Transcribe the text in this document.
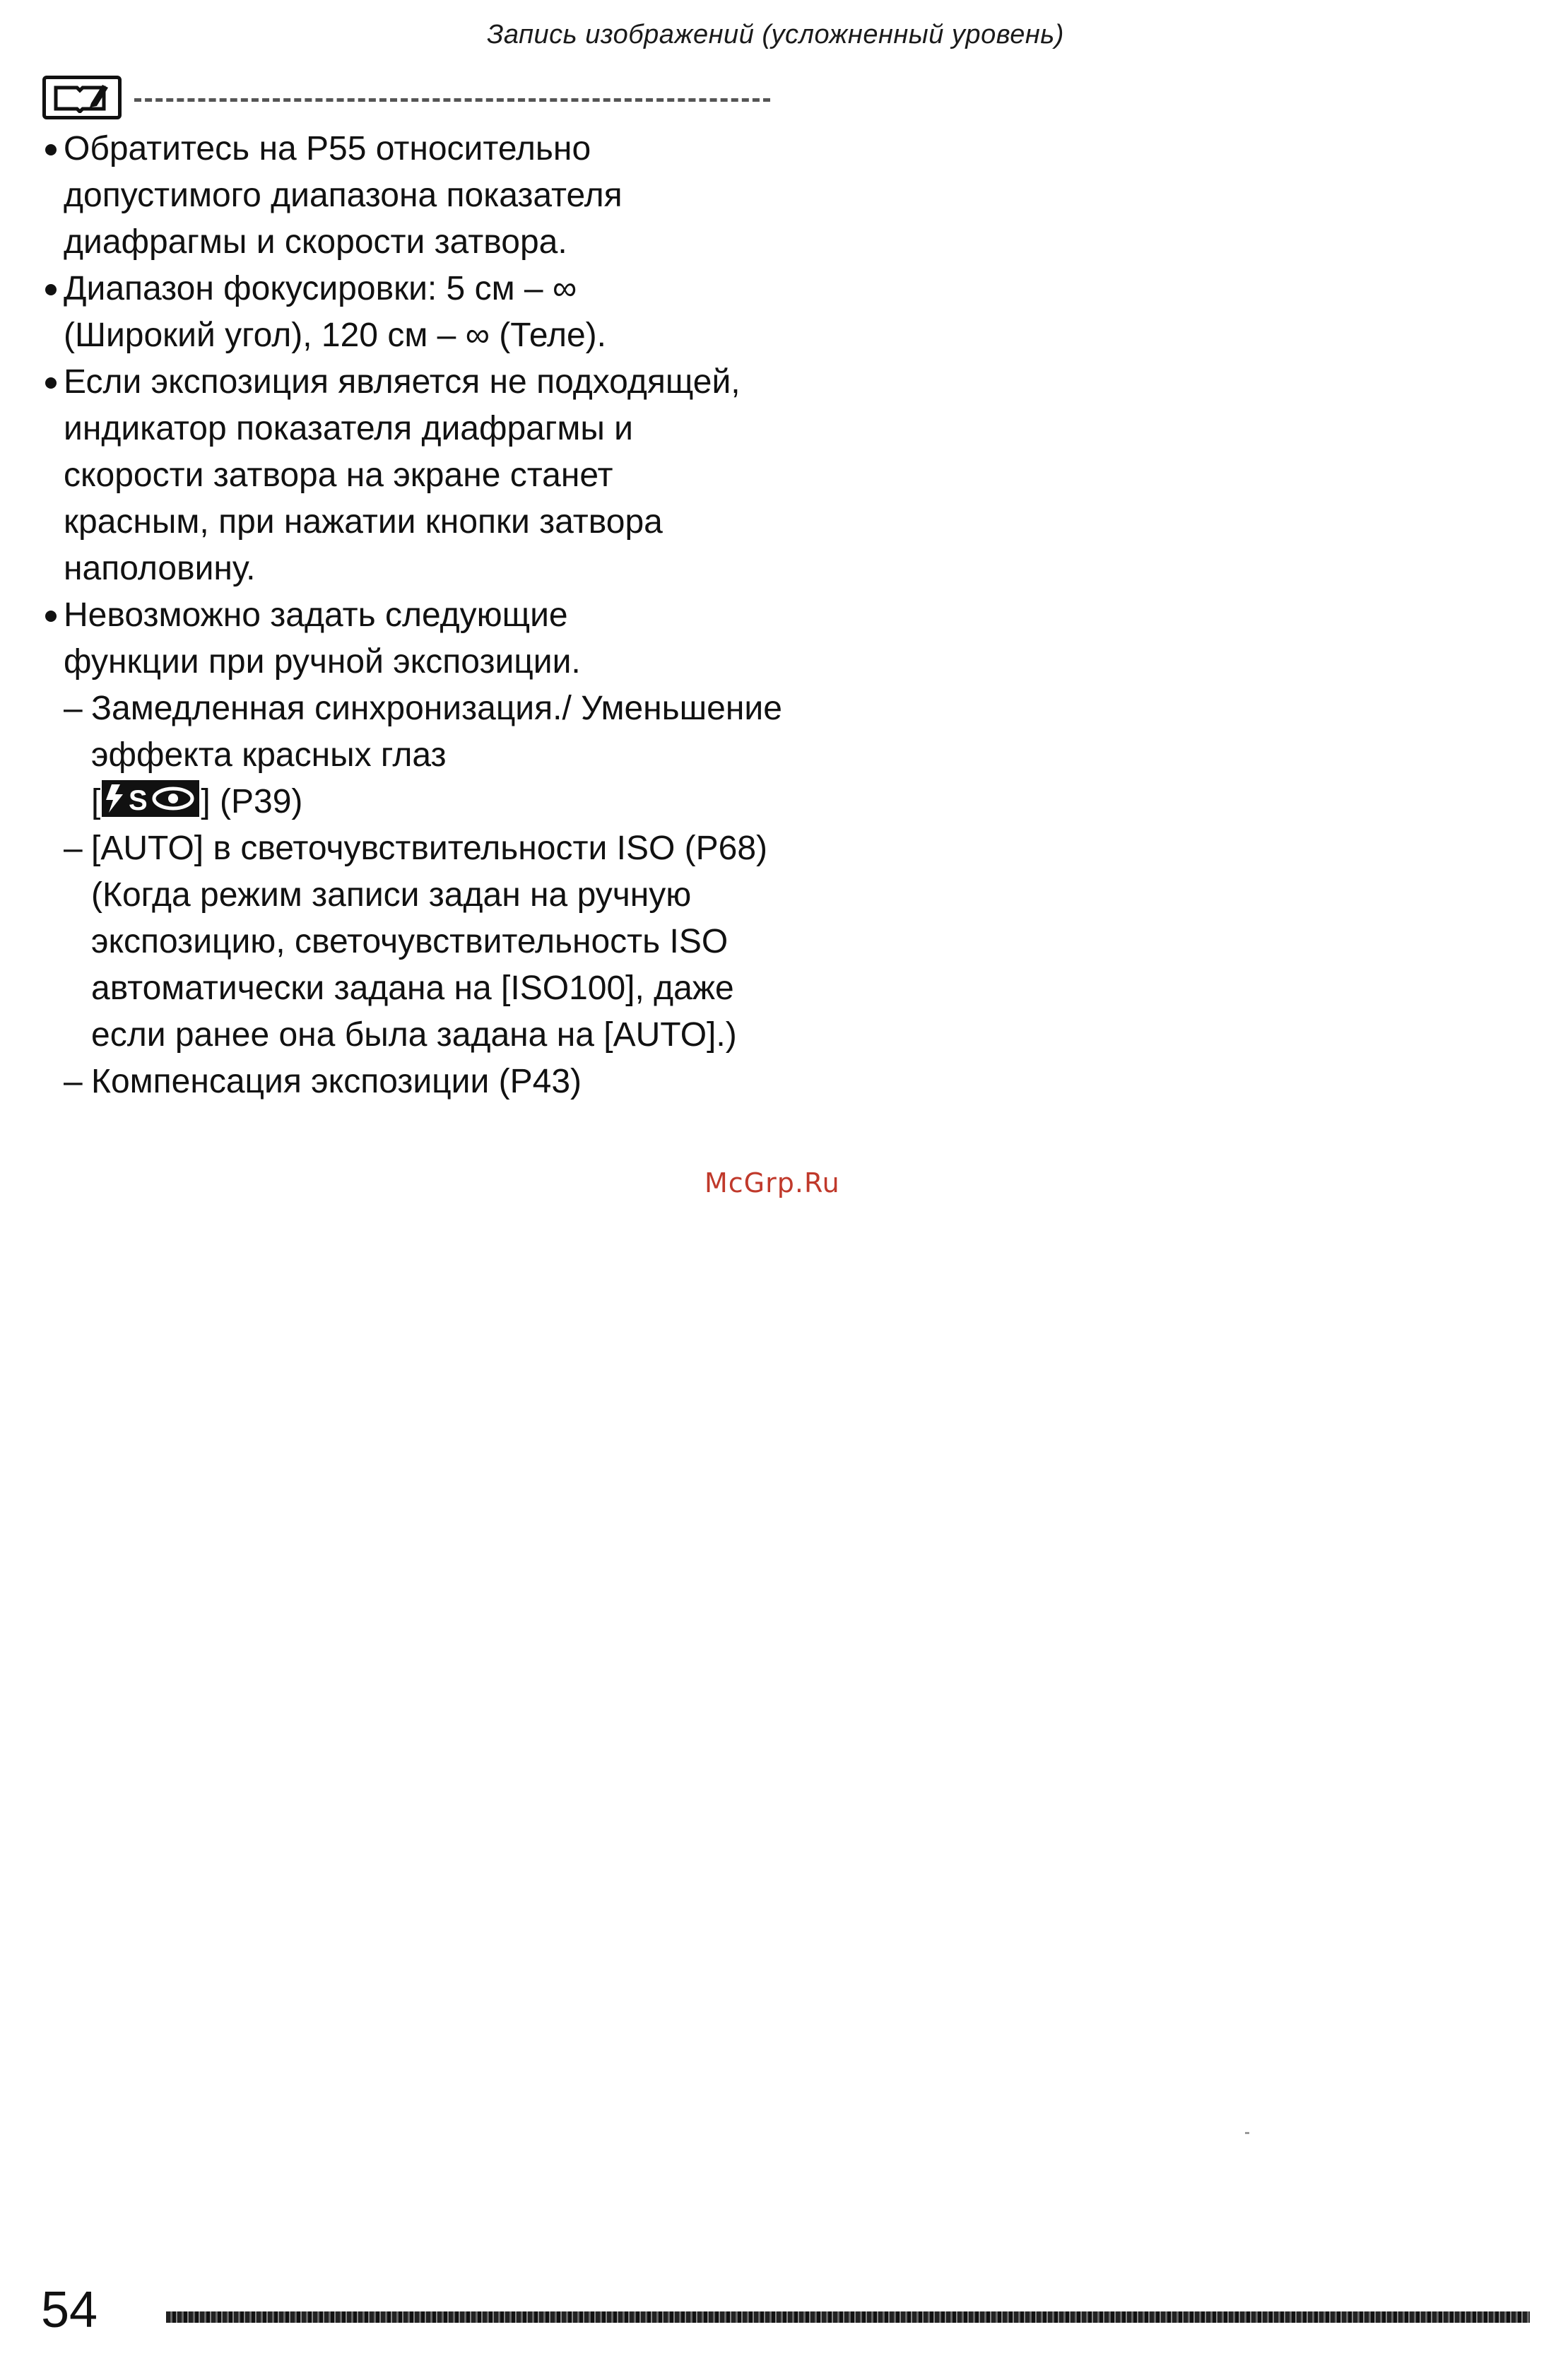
Запись изображений (усложненный уровень)
Обратитесь на P55 относительно допустимого диапазона показателя диафрагмы и скорости затвора.
Диапазон фокусировки: 5 см – ∞
(Широкий угол), 120 см – ∞ (Теле).
Если экспозиция является не подходящей, индикатор показателя диафрагмы и скорости затвора на экране станет красным, при нажатии кнопки затвора наполовину.
Невозможно задать следующие функции при ручной экспозиции.
– Замедленная синхронизация./ Уменьшение эффекта красных глаз
[ S ] (P39)
– [AUTO] в светочувствительности ISO (P68) (Когда режим записи задан на ручную экспозицию, светочувствительность ISO автоматически задана на [ISO100], даже если ранее она была задана на [AUTO].)
– Компенсация экспозиции (P43)
McGrp.Ru
54
